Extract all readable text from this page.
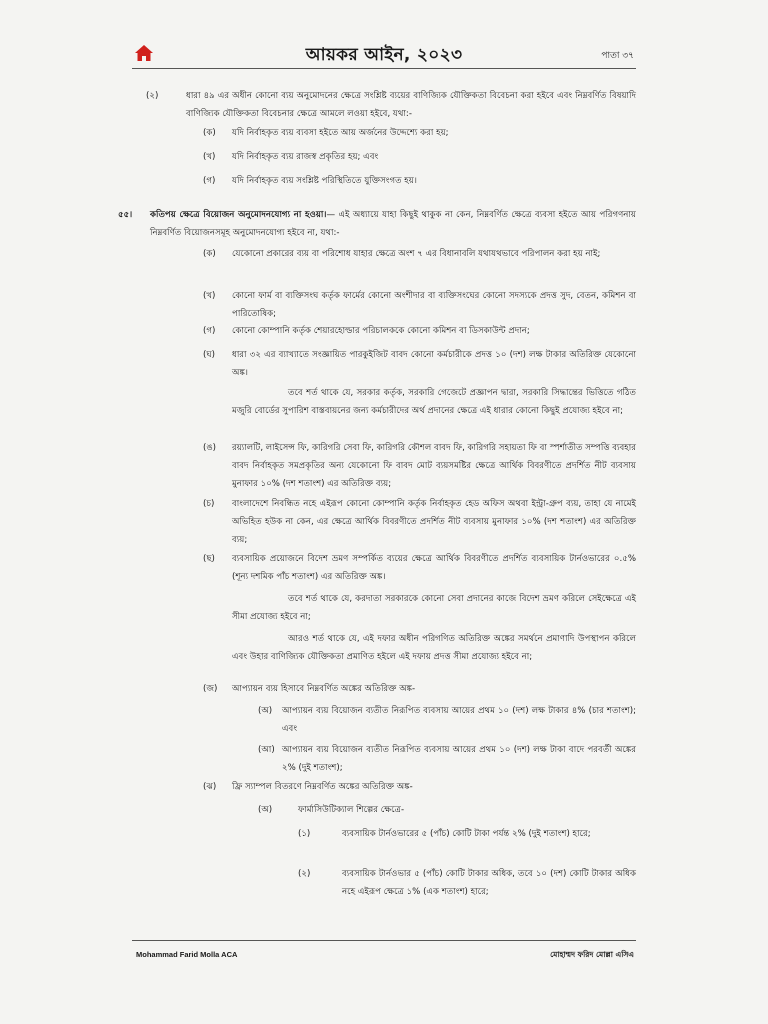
আয়কর আইন, ২০২৩	পাতা ৩৭
(২)	ধারা ৪৯ এর অধীন কোনো ব্যয় অনুমোদনের ক্ষেত্রে সংশ্লিষ্ট ব্যয়ের বাণিজ্যিক যৌক্তিকতা বিবেচনা করা হইবে এবং নিম্নবর্ণিত বিষয়াদি বাণিজ্যিক যৌক্তিকতা বিবেচনার ক্ষেত্রে আমলে লওয়া হইবে, যথা:-
(ক) যদি নির্বাহকৃত ব্যয় ব্যবসা হইতে আয় অর্জনের উদ্দেশ্যে করা হয়;
(খ) যদি নির্বাহকৃত ব্যয় রাজস্ব প্রকৃতির হয়; এবং
(গ) যদি নির্বাহকৃত ব্যয় সংশ্লিষ্ট পরিস্থিতিতে যুক্তিসংগত হয়।
৫৫। কতিপয় ক্ষেত্রে বিয়োজন অনুমোদনযোগ্য না হওয়া।— এই অধ্যায়ে যাহা কিছুই থাকুক না কেন, নিম্নবর্ণিত ক্ষেত্রে ব্যবসা হইতে আয় পরিগণনায় নিম্নবর্ণিত বিয়োজনসমূহ অনুমোদনযোগ্য হইবে না, যথা:-
(ক) যেকোনো প্রকারের ব্যয় বা পরিশোধ যাহার ক্ষেত্রে অংশ ৭ এর বিধানাবলি যথাযথভাবে পরিপালন করা হয় নাই;
(খ) কোনো ফার্ম বা ব্যক্তিসংঘ কর্তৃক ফার্মের কোনো অংশীদার বা ব্যক্তিসংঘের কোনো সদস্যকে প্রদত্ত সুদ, বেতন, কমিশন বা পারিতোষিক;
(গ) কোনো কোম্পানি কর্তৃক শেয়ারহোল্ডার পরিচালককে কোনো কমিশন বা ডিসকাউন্ট প্রদান;
(ঘ) ধারা ৩২ এর ব্যাখ্যাতে সংজ্ঞায়িত পারকুইজিট বাবদ কোনো কর্মচারীকে প্রদত্ত ১০ (দশ) লক্ষ টাকার অতিরিক্ত যেকোনো অঙ্ক।
তবে শর্ত থাকে যে, সরকার কর্তৃক, সরকারি গেজেটে প্রজ্ঞাপন দ্বারা, সরকারি সিদ্ধান্তের ভিত্তিতে গঠিত মজুরি বোর্ডের সুপারিশ বাস্তবায়নের জন্য কর্মচারীদের অর্থ প্রদানের ক্ষেত্রে এই ধারার কোনো কিছুই প্রযোজ্য হইবে না;
(ঙ) রয়্যালটি, লাইসেন্স ফি, কারিগরি সেবা ফি, কারিগরি কৌশল বাবদ ফি, কারিগরি সহায়তা ফি বা স্পর্শাতীত সম্পত্তি ব্যবহার বাবদ নির্বাহকৃত সমপ্রকৃতির অন্য যেকোনো ফি বাবদ মোট ব্যয়সমষ্টির ক্ষেত্রে আর্থিক বিবরণীতে প্রদর্শিত নীট ব্যবসায় মুনাফার ১০% (দশ শতাংশ) এর অতিরিক্ত ব্যয়;
(চ) বাংলাদেশে নিবন্ধিত নহে এইরূপ কোনো কোম্পানি কর্তৃক নির্বাহকৃত হেড অফিস অথবা ইন্ট্রা-গ্রুপ ব্যয়, তাহা যে নামেই অভিহিত হউক না কেন, এর ক্ষেত্রে আর্থিক বিবরণীতে প্রদর্শিত নীট ব্যবসায় মুনাফার ১০% (দশ শতাংশ) এর অতিরিক্ত ব্যয়;
(ছ) ব্যবসায়িক প্রয়োজনে বিদেশ ভ্রমণ সম্পর্কিত ব্যয়ের ক্ষেত্রে আর্থিক বিবরণীতে প্রদর্শিত ব্যবসায়িক টার্নওভারের ০.৫% (শূন্য দশমিক পাঁচ শতাংশ) এর অতিরিক্ত অঙ্ক।
তবে শর্ত থাকে যে, করদাতা সরকারকে কোনো সেবা প্রদানের কাজে বিদেশ ভ্রমণ করিলে সেইক্ষেত্রে এই সীমা প্রযোজ্য হইবে না;
আরও শর্ত থাকে যে, এই দফার অধীন পরিগণিত অতিরিক্ত অঙ্কের সমর্থনে প্রমাণাদি উপস্থাপন করিলে এবং উহার বাণিজ্যিক যৌক্তিকতা প্রমাণিত হইলে এই দফায় প্রদত্ত সীমা প্রযোজ্য হইবে না;
(জ) আপ্যায়ন ব্যয় হিসাবে নিম্নবর্ণিত অঙ্কের অতিরিক্ত অঙ্ক-
(অ) আপ্যায়ন ব্যয় বিয়োজন ব্যতীত নিরূপিত ব্যবসায় আয়ের প্রথম ১০ (দশ) লক্ষ টাকার ৪% (চার শতাংশ); এবং
(আ) আপ্যায়ন ব্যয় বিয়োজন ব্যতীত নিরূপিত ব্যবসায় আয়ের প্রথম ১০ (দশ) লক্ষ টাকা বাদে পরবর্তী অঙ্কের ২% (দুই শতাংশ);
(ঝ) ফ্রি স্যাম্পল বিতরণে নিম্নবর্ণিত অঙ্কের অতিরিক্ত অঙ্ক-
(অ)	ফার্মাসিউটিক্যাল শিল্পের ক্ষেত্রে-
(১)	ব্যবসায়িক টার্নওভারের ৫ (পাঁচ) কোটি টাকা পর্যন্ত ২% (দুই শতাংশ) হারে;
(২)	ব্যবসায়িক টার্নওভার ৫ (পাঁচ) কোটি টাকার অধিক, তবে ১০ (দশ) কোটি টাকার অধিক নহে এইরূপ ক্ষেত্রে ১% (এক শতাংশ) হারে;
Mohammad Farid Molla ACA	মোহাম্মদ ফরিদ মোল্লা এসিএ
